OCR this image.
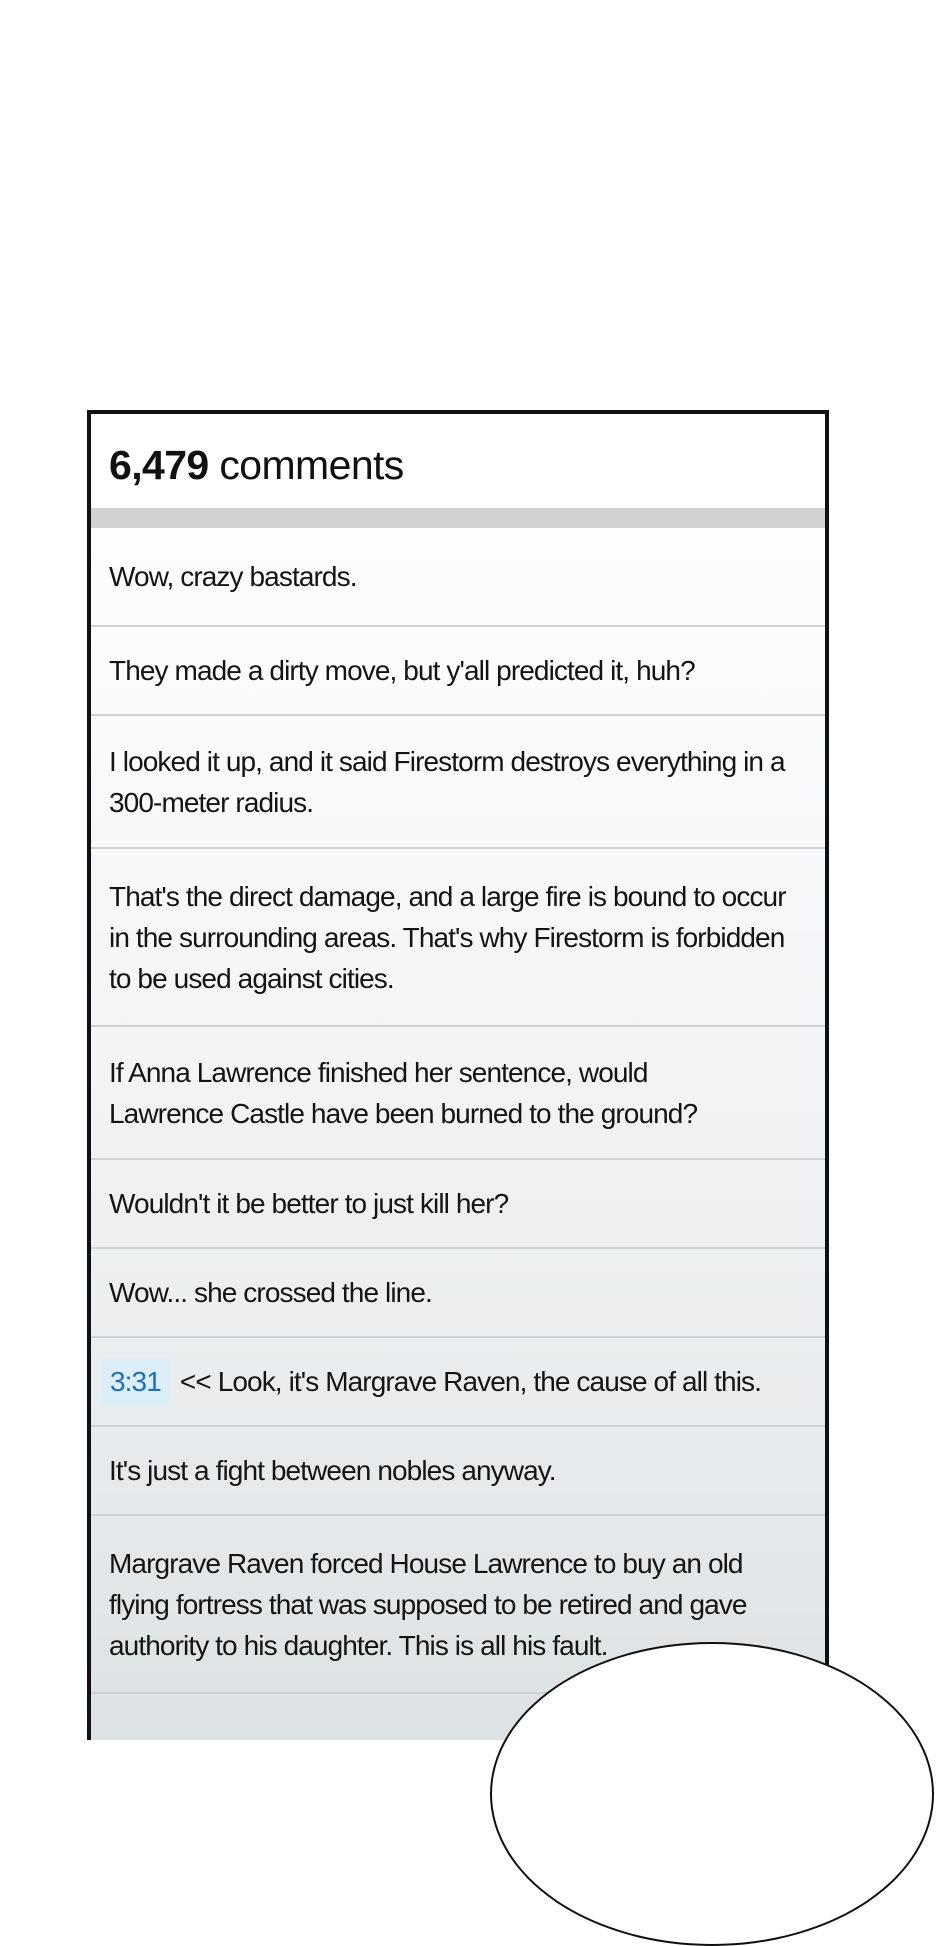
6,479 comments
Wow, crazy bastards.
They made a dirty move, but y'all predicted it, huh?
I looked it up, and it said Firestorm destroys everything in a 300-meter radius.
That's the direct damage, and a large fire is bound to occur in the surrounding areas. That's why Firestorm is forbidden to be used against cities.
If Anna Lawrence finished her sentence, would Lawrence Castle have been burned to the ground?
Wouldn't it be better to just kill her?
Wow... she crossed the line.
3:31 << Look, it's Margrave Raven, the cause of all this.
It's just a fight between nobles anyway.
Margrave Raven forced House Lawrence to buy an old flying fortress that was supposed to be retired and gave authority to his daughter. This is all his fault.
